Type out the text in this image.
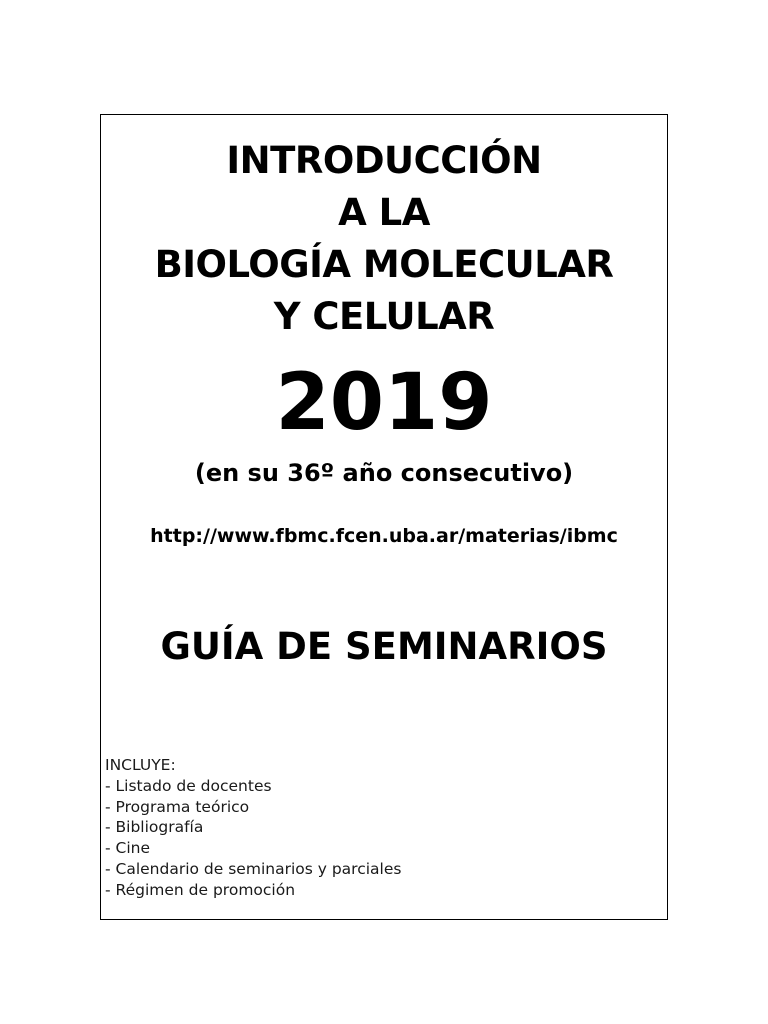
INTRODUCCIÓN
A LA
BIOLOGÍA MOLECULAR
Y CELULAR
2019
(en su 36º año consecutivo)
http://www.fbmc.fcen.uba.ar/materias/ibmc
GUÍA DE SEMINARIOS
INCLUYE:
- Listado de docentes
- Programa teórico
- Bibliografía
- Cine
- Calendario de seminarios y parciales
- Régimen de promoción
